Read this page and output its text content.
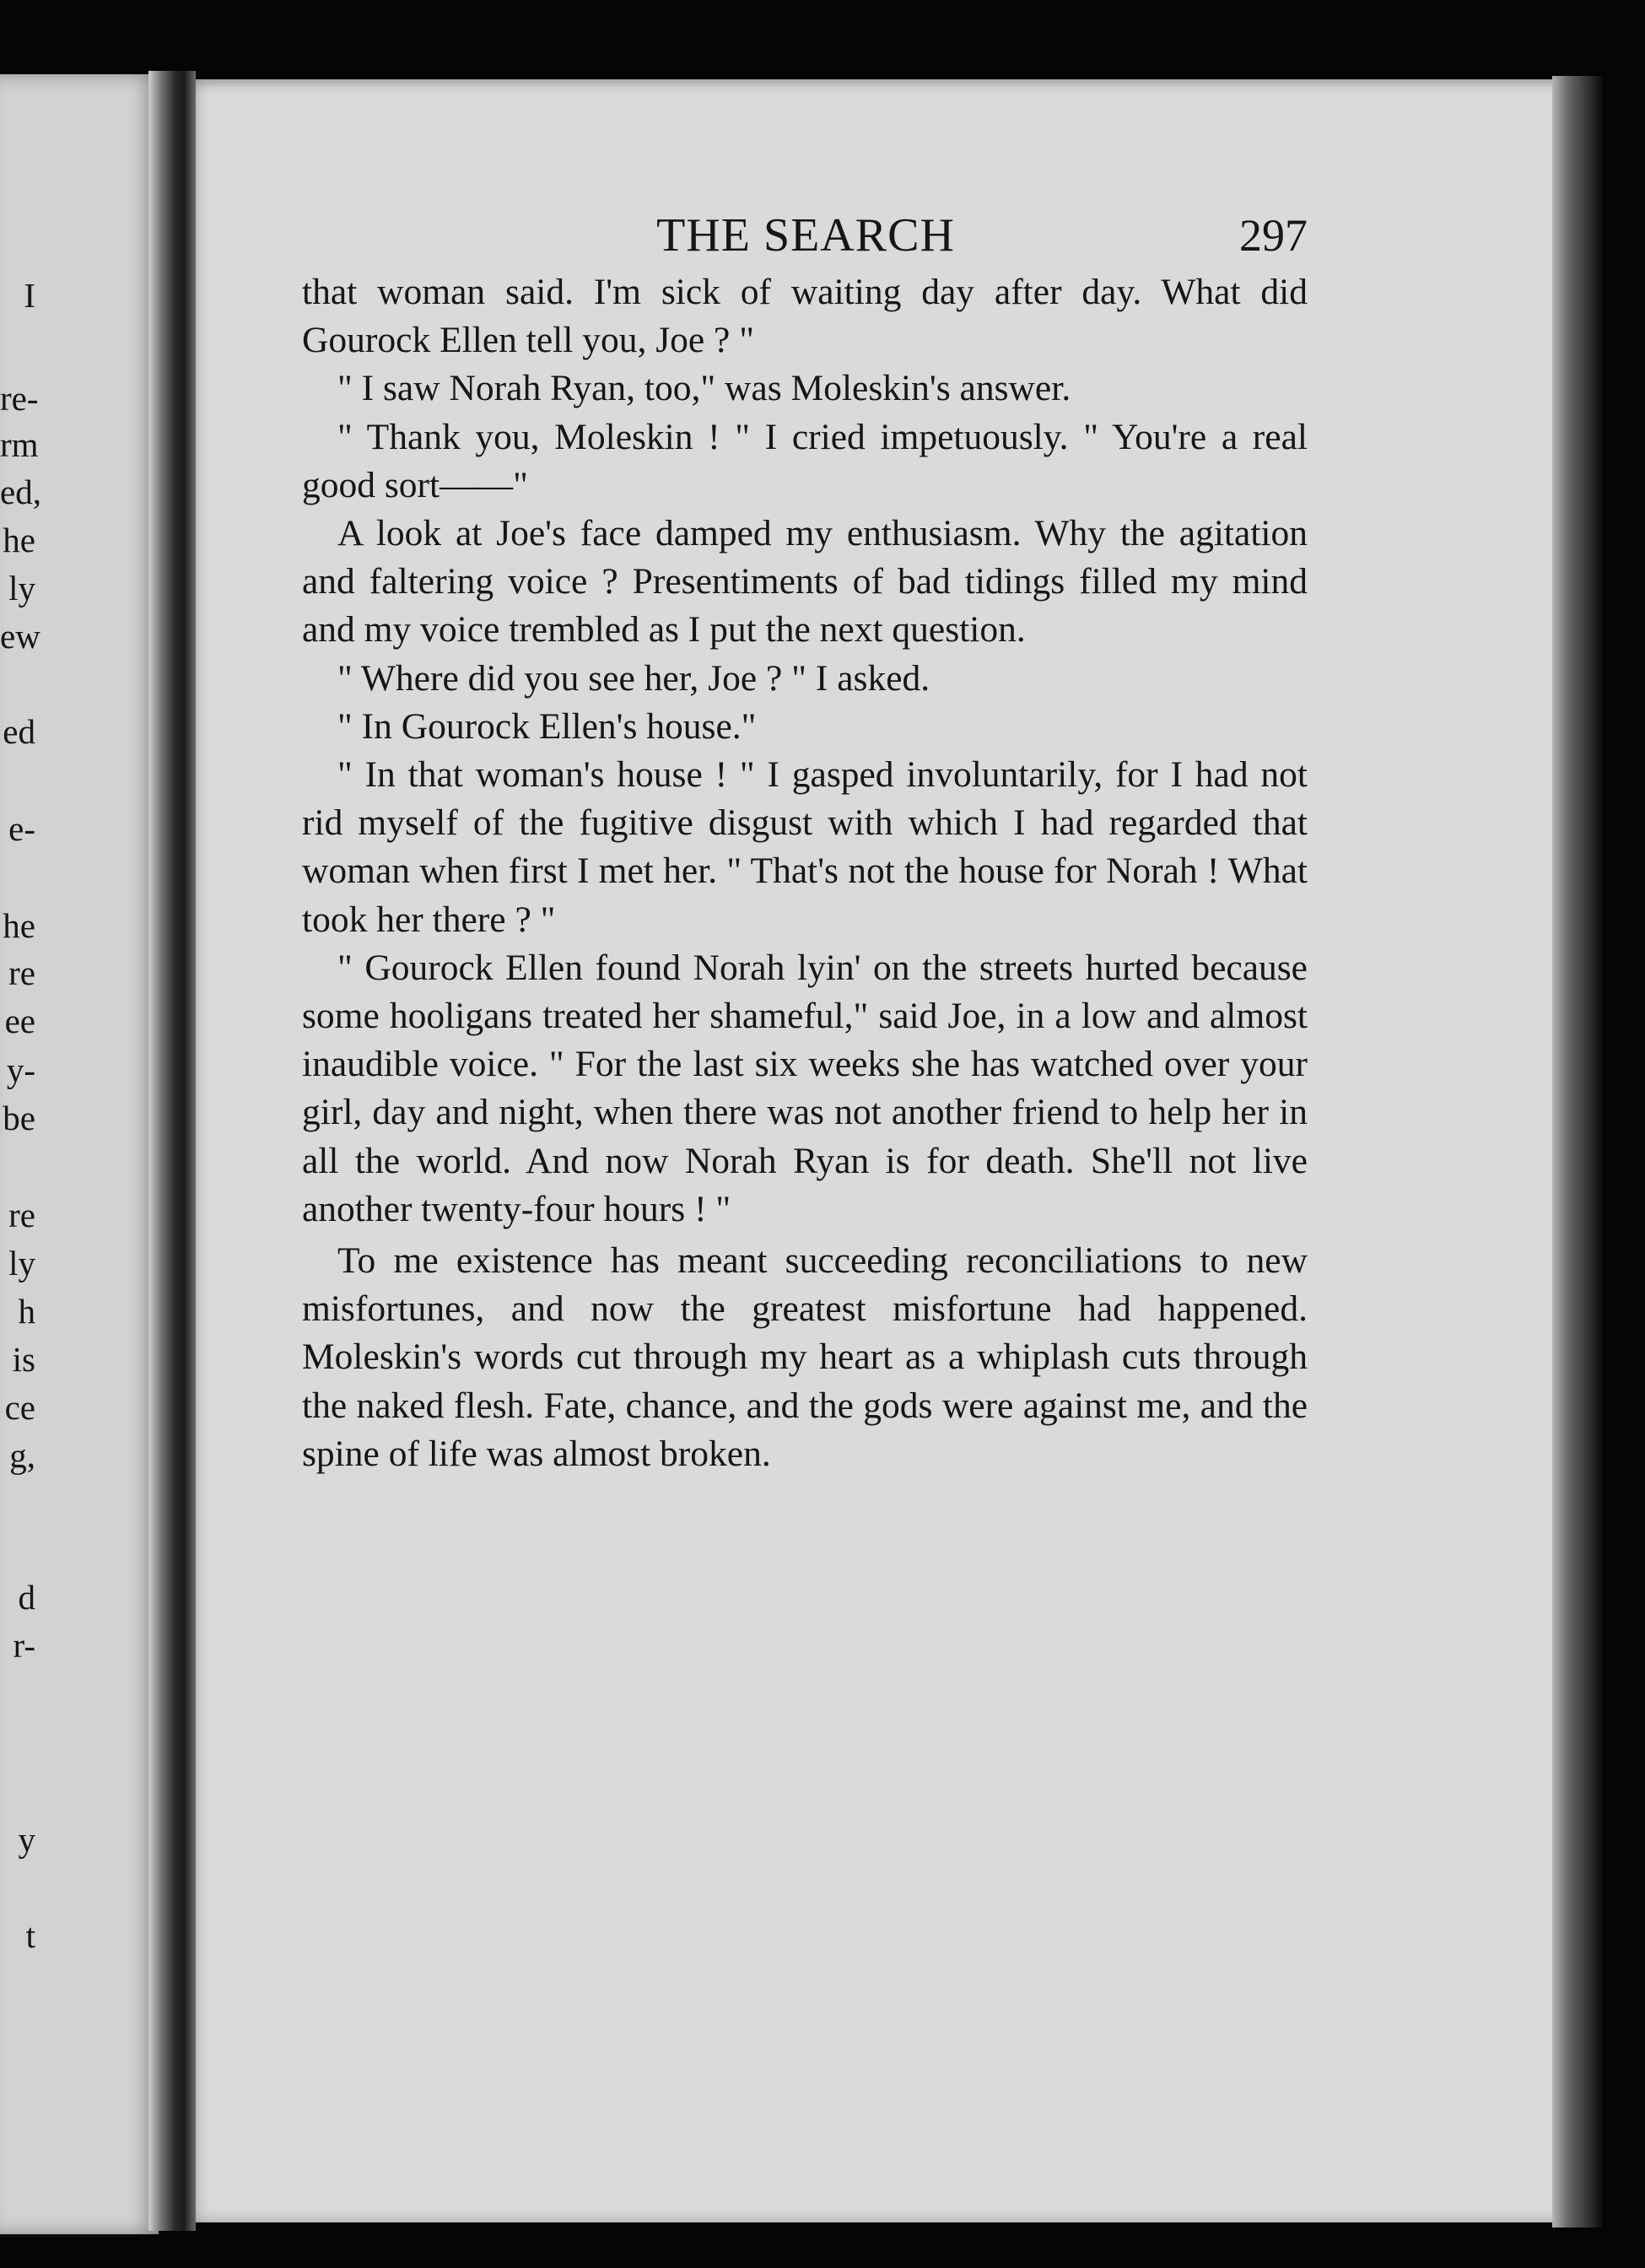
I
re-
rm
ed,
he
ly
ew
ed
e-
he
re
ee
y-
be
re
ly
h
is
ce
g,
d
r-
y
t
THE SEARCH	297

that woman said. I'm sick of waiting day after day. What did Gourock Ellen tell you, Joe ? "

" I saw Norah Ryan, too," was Moleskin's answer.

" Thank you, Moleskin ! " I cried impetuously. " You're a real good sort——"

A look at Joe's face damped my enthusiasm. Why the agitation and faltering voice ? Presentiments of bad tidings filled my mind and my voice trembled as I put the next question.

" Where did you see her, Joe ? " I asked.

" In Gourock Ellen's house."

" In that woman's house ! " I gasped involuntarily, for I had not rid myself of the fugitive disgust with which I had regarded that woman when first I met her. " That's not the house for Norah ! What took her there ? "

" Gourock Ellen found Norah lyin' on the streets hurted because some hooligans treated her shameful," said Joe, in a low and almost inaudible voice. " For the last six weeks she has watched over your girl, day and night, when there was not another friend to help her in all the world. And now Norah Ryan is for death. She'll not live another twenty-four hours ! "

To me existence has meant succeeding reconciliations to new misfortunes, and now the greatest misfortune had happened. Moleskin's words cut through my heart as a whiplash cuts through the naked flesh. Fate, chance, and the gods were against me, and the spine of life was almost broken.
